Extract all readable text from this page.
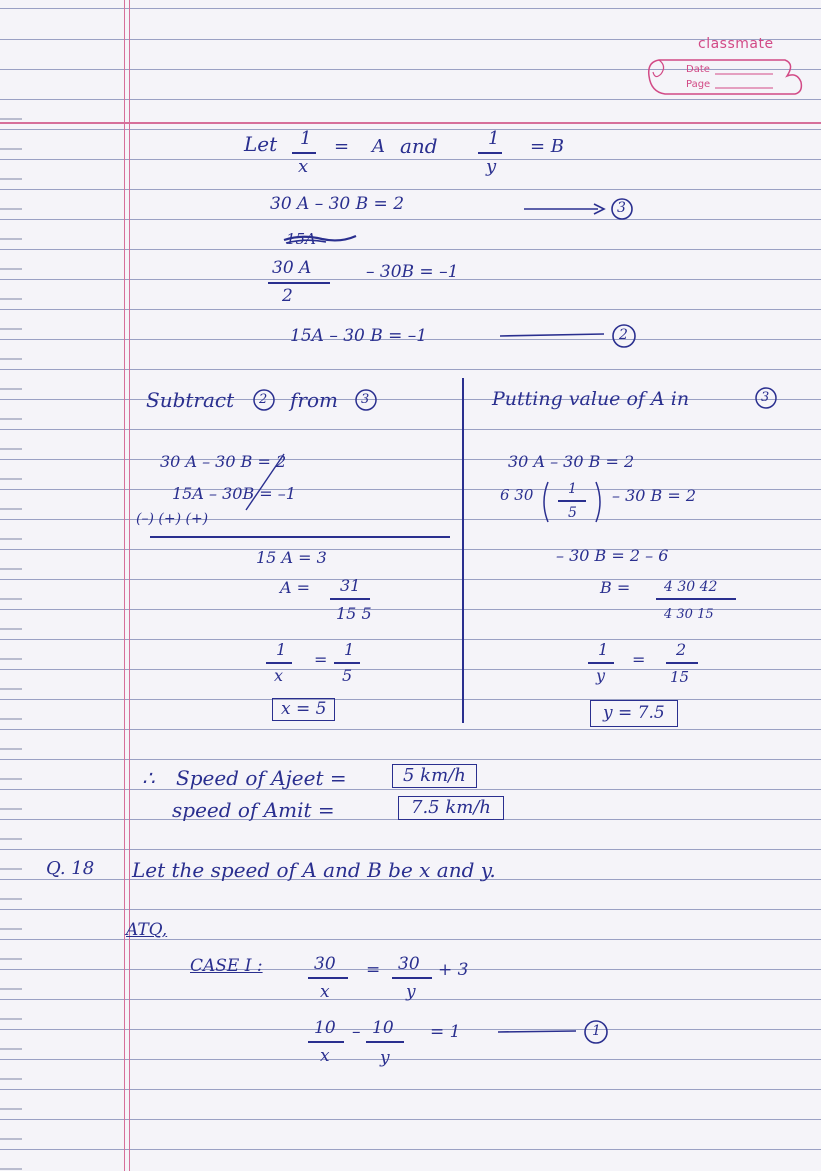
classmate
Date
Page
Let 1
x
= A and	1
y
= B
30 A – 30 B = 2	3
15A
30 A
2
– 30B = –1
15A – 30 B = –1	2
Subtract 2 from 3
30 A – 30 B = 2
15A – 30B = –1
(–) (+) (+)
15 A = 3
A = 31
15 5
1
x
=
1
5
x = 5
Putting value of A in	3
30 A – 30 B = 2
6 30 1
5
– 30 B = 2
– 30 B = 2 – 6
B = 4 30 42
4 30 15
1
y
=
2
15
y = 7.5
∴ Speed of Ajeet =	5 km/h
speed of Amit =	7.5 km/h
Q. 18 Let the speed of A and B be x and y.
ATQ,
CASE I :	30
x
= 30
y
+ 3
10
x
– 10
y
= 1	1
